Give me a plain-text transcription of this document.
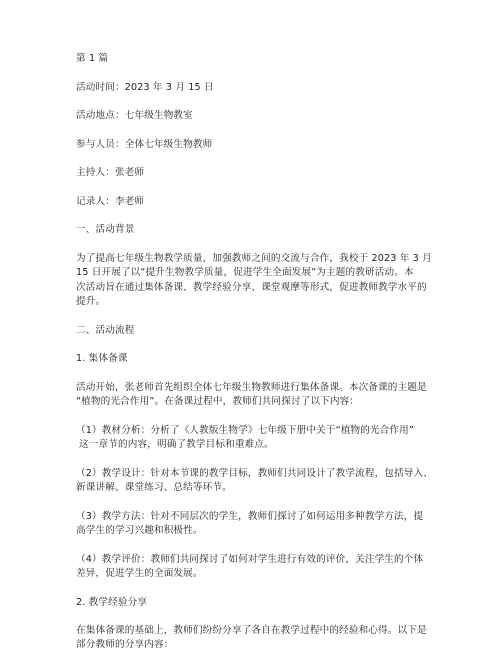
第 1 篇
活动时间：2023 年 3 月 15 日
活动地点：七年级生物教室
参与人员：全体七年级生物教师
主持人：张老师
记录人：李老师
一、活动背景
为了提高七年级生物教学质量，加强教师之间的交流与合作，我校于 2023 年 3 月
15 日开展了以“提升生物教学质量，促进学生全面发展”为主题的教研活动。本
次活动旨在通过集体备课、教学经验分享、课堂观摩等形式，促进教师教学水平的
提升。
二、活动流程
1. 集体备课
活动开始，张老师首先组织全体七年级生物教师进行集体备课。本次备课的主题是
“植物的光合作用”。在备课过程中，教师们共同探讨了以下内容：
（1）教材分析：分析了《人教版生物学》七年级下册中关于“植物的光合作用”
这一章节的内容，明确了教学目标和重难点。
（2）教学设计：针对本节课的教学目标，教师们共同设计了教学流程，包括导入、
新课讲解、课堂练习、总结等环节。
（3）教学方法：针对不同层次的学生，教师们探讨了如何运用多种教学方法，提
高学生的学习兴趣和积极性。
（4）教学评价：教师们共同探讨了如何对学生进行有效的评价，关注学生的个体
差异，促进学生的全面发展。
2. 教学经验分享
在集体备课的基础上，教师们纷纷分享了各自在教学过程中的经验和心得。以下是
部分教师的分享内容：
